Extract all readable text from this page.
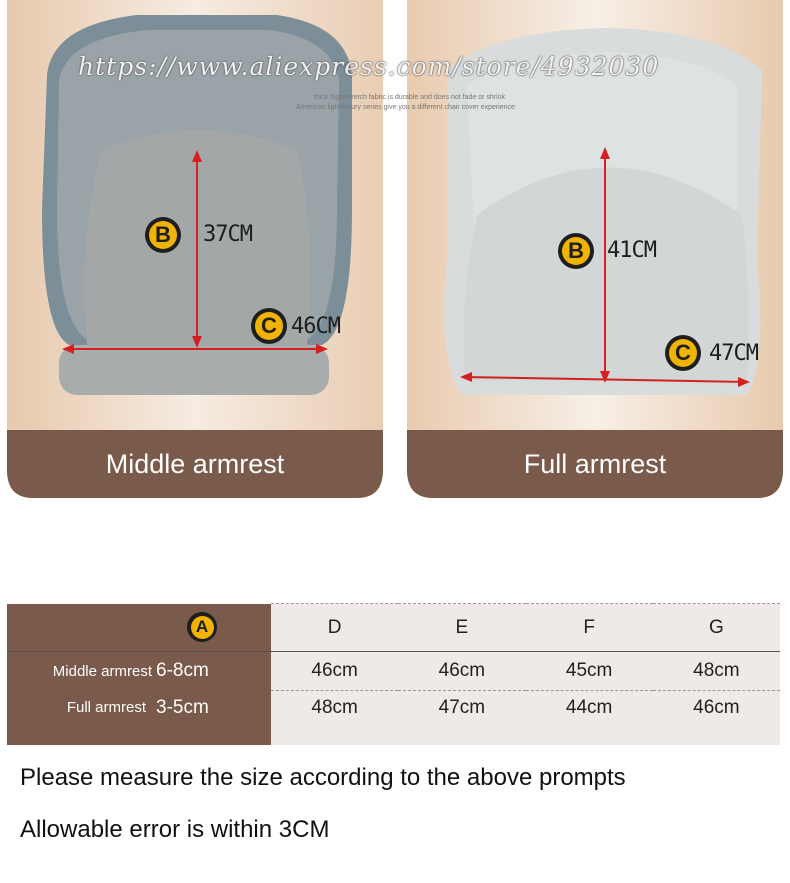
B 37CM
C 46CM
Middle armrest
B 41CM
C 47CM
Full armrest
https://www.aliexpress.com/store/4932030
thick high-stretch fabric is durable and does not fade or shrink
American light luxury series give you a different chair cover experience
A		D	E	F	G
Middle armrest	6-8cm	46cm	46cm	45cm	48cm
Full armrest	3-5cm	48cm	47cm	44cm	46cm
Please measure the size according to the above prompts
Allowable error is within 3CM
